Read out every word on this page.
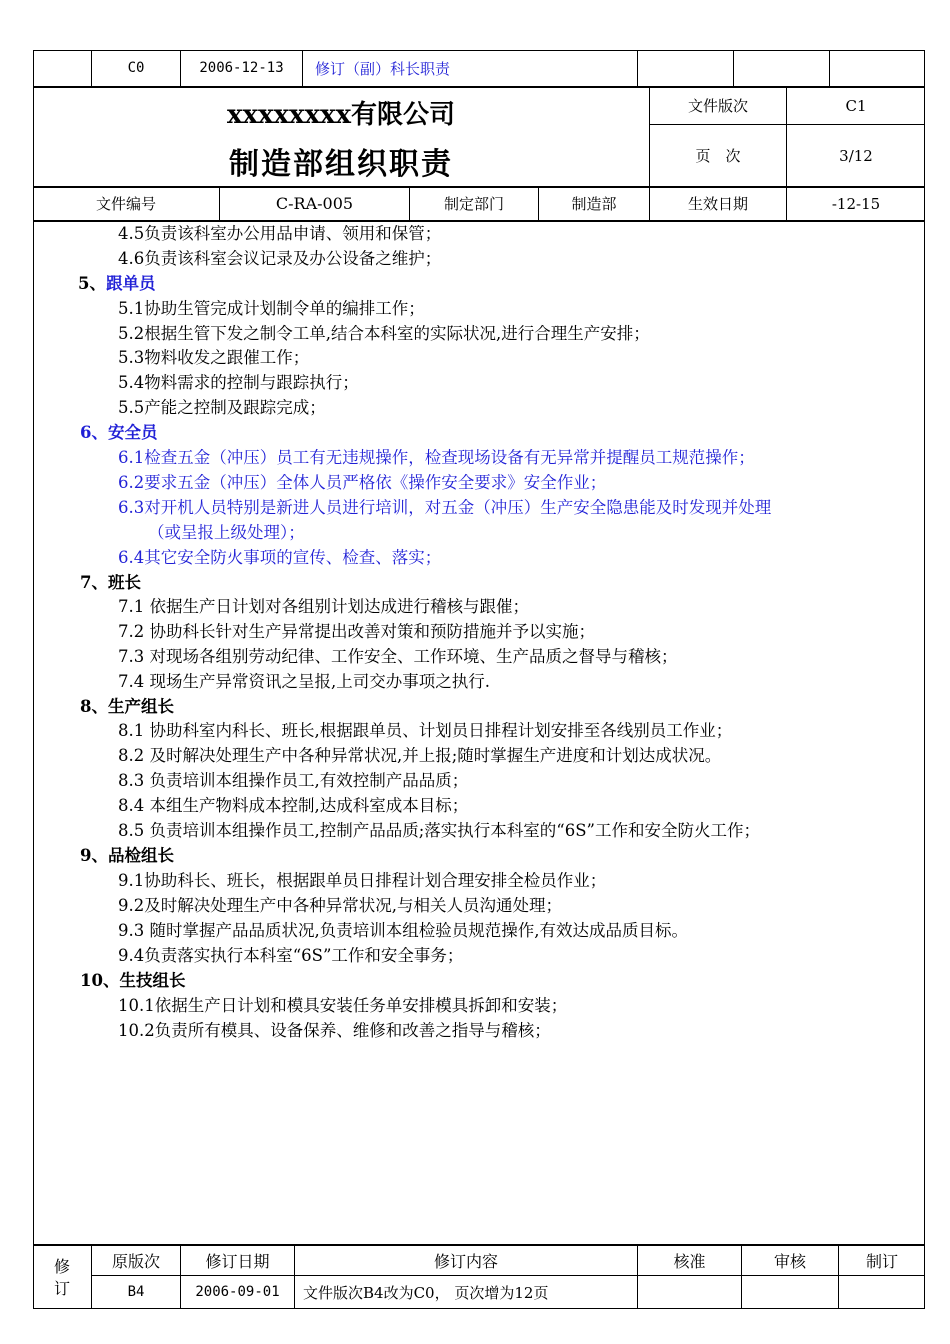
C0	2006-12-13	修订（副）科长职责
xxxxxxxx有限公司
制造部组织职责
文件版次	C1
页　次	3/12
文件编号	C-RA-005	制定部门	制造部	生效日期	-12-15
4.5负责该科室办公用品申请、领用和保管；
4.6负责该科室会议记录及办公设备之维护；
5、跟单员
5.1协助生管完成计划制令单的编排工作；
5.2根据生管下发之制令工单,结合本科室的实际状况,进行合理生产安排；
5.3物料收发之跟催工作；
5.4物料需求的控制与跟踪执行；
5.5产能之控制及跟踪完成；
6、安全员
6.1检查五金（冲压）员工有无违规操作，检查现场设备有无异常并提醒员工规范操作；
6.2要求五金（冲压）全体人员严格依《操作安全要求》安全作业；
6.3对开机人员特别是新进人员进行培训，对五金（冲压）生产安全隐患能及时发现并处理
（或呈报上级处理）；
6.4其它安全防火事项的宣传、检查、落实；
7、班长
7.1 依据生产日计划对各组别计划达成进行稽核与跟催；
7.2 协助科长针对生产异常提出改善对策和预防措施并予以实施；
7.3 对现场各组别劳动纪律、工作安全、工作环境、生产品质之督导与稽核；
7.4 现场生产异常资讯之呈报,上司交办事项之执行.
8、生产组长
8.1 协助科室内科长、班长,根据跟单员、计划员日排程计划安排至各线别员工作业；
8.2 及时解决处理生产中各种异常状况,并上报;随时掌握生产进度和计划达成状况。
8.3 负责培训本组操作员工,有效控制产品品质；
8.4 本组生产物料成本控制,达成科室成本目标；
8.5 负责培训本组操作员工,控制产品品质;落实执行本科室的“6S”工作和安全防火工作；
9、品检组长
9.1协助科长、班长，根据跟单员日排程计划合理安排全检员作业；
9.2及时解决处理生产中各种异常状况,与相关人员沟通处理；
9.3 随时掌握产品品质状况,负责培训本组检验员规范操作,有效达成品质目标。
9.4负责落实执行本科室“6S”工作和安全事务；
10、生技组长
10.1依据生产日计划和模具安装任务单安排模具拆卸和安装；
10.2负责所有模具、设备保养、维修和改善之指导与稽核；
修
订
原版次	修订日期	修订内容	核准	审核	制订
B4	2006-09-01	文件版次B4改为C0， 页次增为12页
